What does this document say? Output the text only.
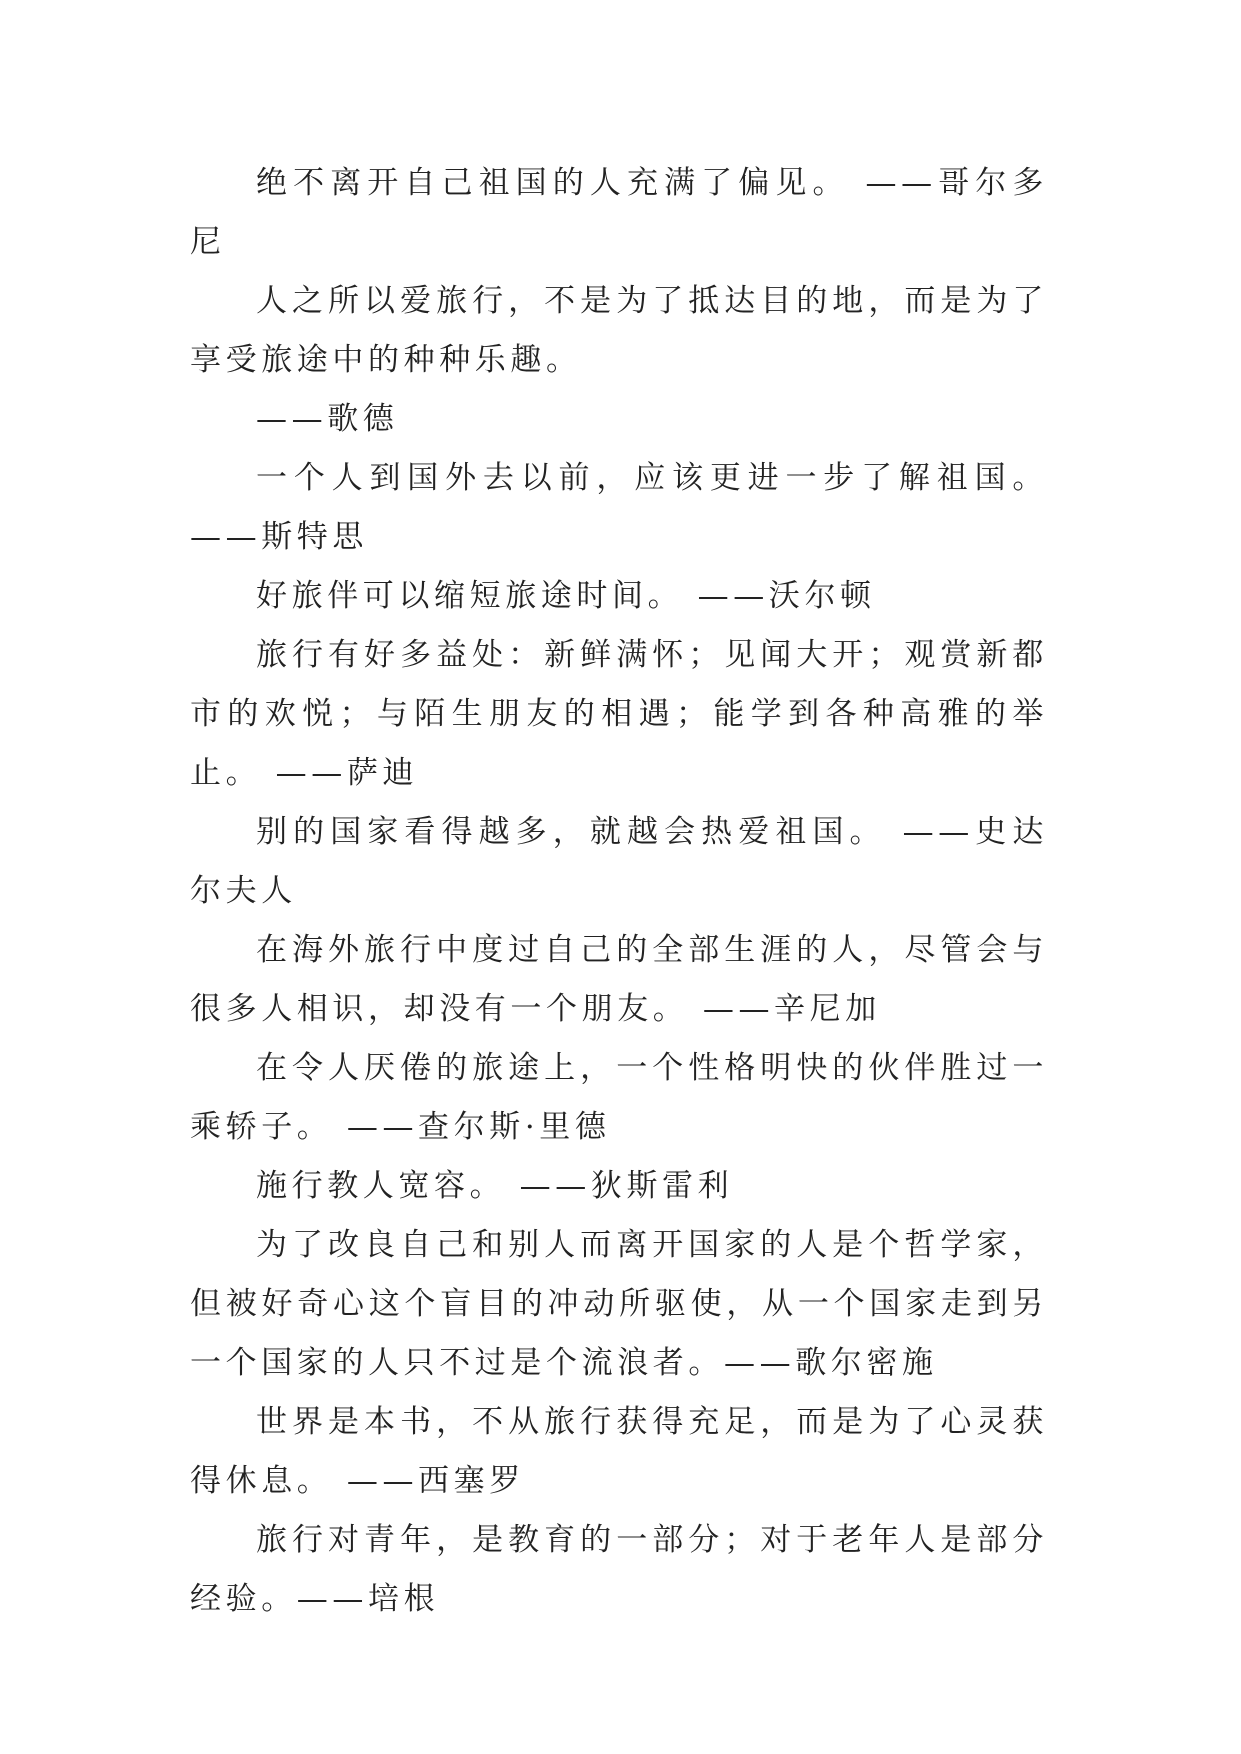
绝不离开自己祖国的人充满了偏见。 ——哥尔多尼

人之所以爱旅行，不是为了抵达目的地，而是为了享受旅途中的种种乐趣。

——歌德

一个人到国外去以前，应该更进一步了解祖国。 ——斯特思

好旅伴可以缩短旅途时间。 ——沃尔顿

旅行有好多益处：新鲜满怀；见闻大开；观赏新都市的欢悦；与陌生朋友的相遇；能学到各种高雅的举止。 ——萨迪

别的国家看得越多，就越会热爱祖国。 ——史达尔夫人

在海外旅行中度过自己的全部生涯的人，尽管会与很多人相识，却没有一个朋友。 ——辛尼加

在令人厌倦的旅途上，一个性格明快的伙伴胜过一乘轿子。 ——查尔斯·里德

施行教人宽容。 ——狄斯雷利

为了改良自己和别人而离开国家的人是个哲学家，但被好奇心这个盲目的冲动所驱使，从一个国家走到另一个国家的人只不过是个流浪者。——歌尔密施

世界是本书，不从旅行获得充足，而是为了心灵获得休息。 ——西塞罗

旅行对青年，是教育的一部分；对于老年人是部分经验。——培根
